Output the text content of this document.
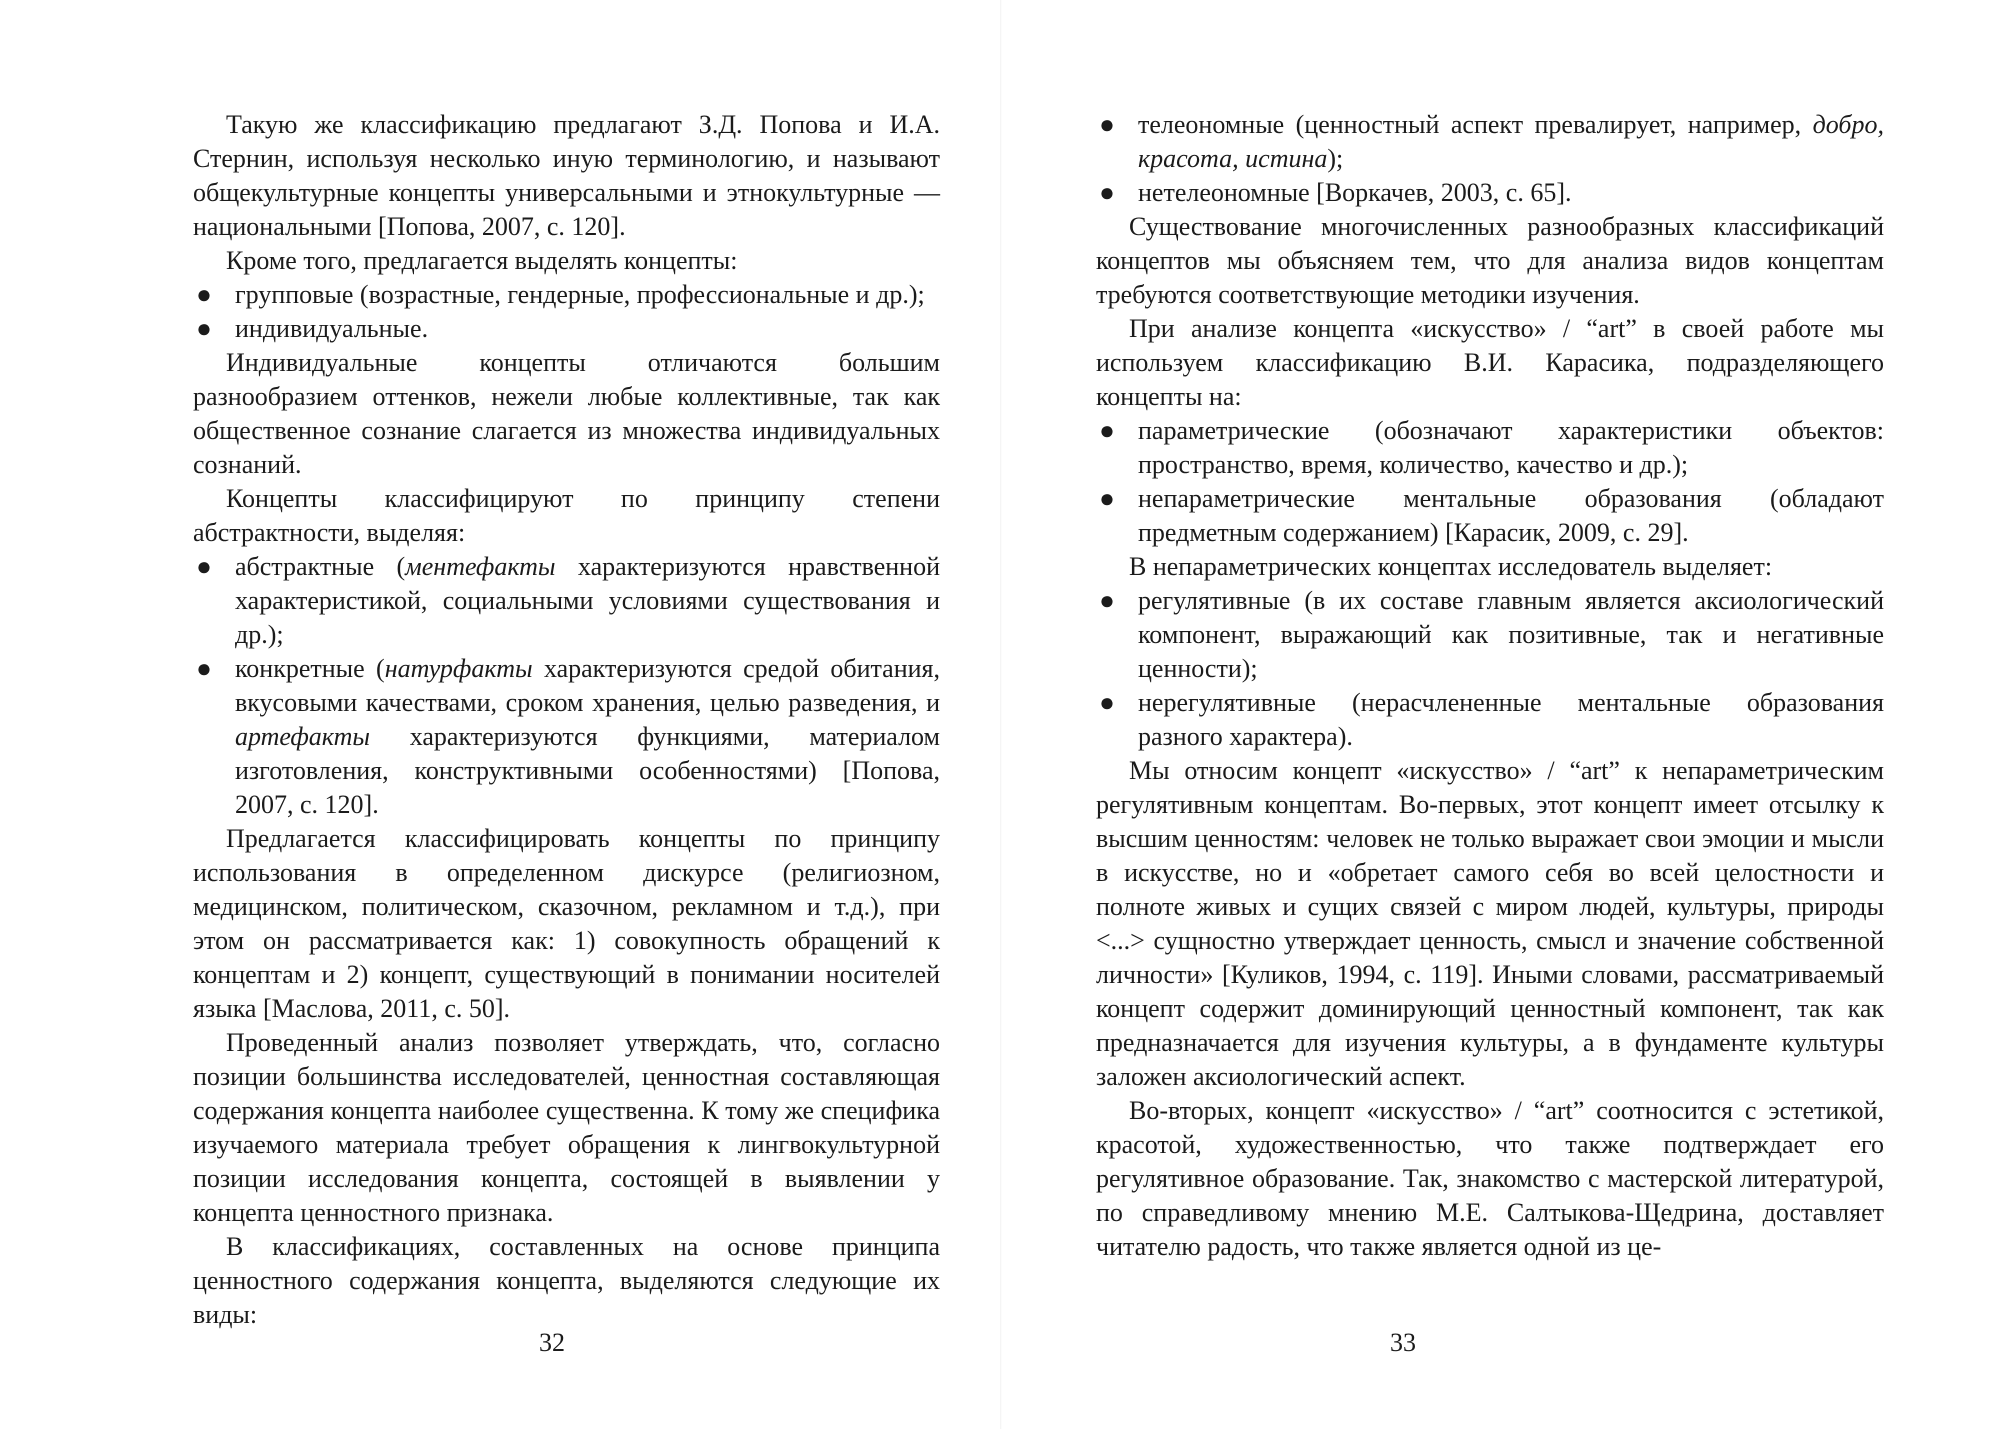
Такую же классификацию предлагают З.Д. Попова и И.А. Стернин, используя несколько иную терминологию, и называют общекультурные концепты универсальными и этнокультурные — национальными [Попова, 2007, с. 120].

Кроме того, предлагается выделять концепты:

● групповые (возрастные, гендерные, профессиональные и др.);
● индивидуальные.

Индивидуальные концепты отличаются большим разнообразием оттенков, нежели любые коллективные, так как общественное сознание слагается из множества индивидуальных сознаний.

Концепты классифицируют по принципу степени абстрактности, выделяя:

● абстрактные (ментефакты характеризуются нравственной характеристикой, социальными условиями существования и др.);
● конкретные (натурфакты характеризуются средой обитания, вкусовыми качествами, сроком хранения, целью разведения, и артефакты характеризуются функциями, материалом изготовления, конструктивными особенностями) [Попова, 2007, с. 120].

Предлагается классифицировать концепты по принципу использования в определенном дискурсе (религиозном, медицинском, политическом, сказочном, рекламном и т.д.), при этом он рассматривается как: 1) совокупность обращений к концептам и 2) концепт, существующий в понимании носителей языка [Маслова, 2011, с. 50].

Проведенный анализ позволяет утверждать, что, согласно позиции большинства исследователей, ценностная составляющая содержания концепта наиболее существенна. К тому же специфика изучаемого материала требует обращения к лингвокультурной позиции исследования концепта, состоящей в выявлении у концепта ценностного признака.

В классификациях, составленных на основе принципа ценностного содержания концепта, выделяются следующие их виды:

32
● телеономные (ценностный аспект превалирует, например, добро, красота, истина);
● нетелеономные [Воркачев, 2003, с. 65].

Существование многочисленных разнообразных классификаций концептов мы объясняем тем, что для анализа видов концептам требуются соответствующие методики изучения.

При анализе концепта «искусство» / “art” в своей работе мы используем классификацию В.И. Карасика, подразделяющего концепты на:

● параметрические (обозначают характеристики объектов: пространство, время, количество, качество и др.);
● непараметрические ментальные образования (обладают предметным содержанием) [Карасик, 2009, с. 29].

В непараметрических концептах исследователь выделяет:

● регулятивные (в их составе главным является аксиологический компонент, выражающий как позитивные, так и негативные ценности);
● нерегулятивные (нерасчлененные ментальные образования разного характера).

Мы относим концепт «искусство» / “art” к непараметрическим регулятивным концептам. Во-первых, этот концепт имеет отсылку к высшим ценностям: человек не только выражает свои эмоции и мысли в искусстве, но и «обретает самого себя во всей целостности и полноте живых и сущих связей с миром людей, культуры, природы <...> сущностно утверждает ценность, смысл и значение собственной личности» [Куликов, 1994, с. 119]. Иными словами, рассматриваемый концепт содержит доминирующий ценностный компонент, так как предназначается для изучения культуры, а в фундаменте культуры заложен аксиологический аспект.

Во-вторых, концепт «искусство» / “art” соотносится с эстетикой, красотой, художественностью, что также подтверждает его регулятивное образование. Так, знакомство с мастерской литературой, по справедливому мнению М.Е. Салтыкова-Щедрина, доставляет читателю радость, что также является одной из це-

33
